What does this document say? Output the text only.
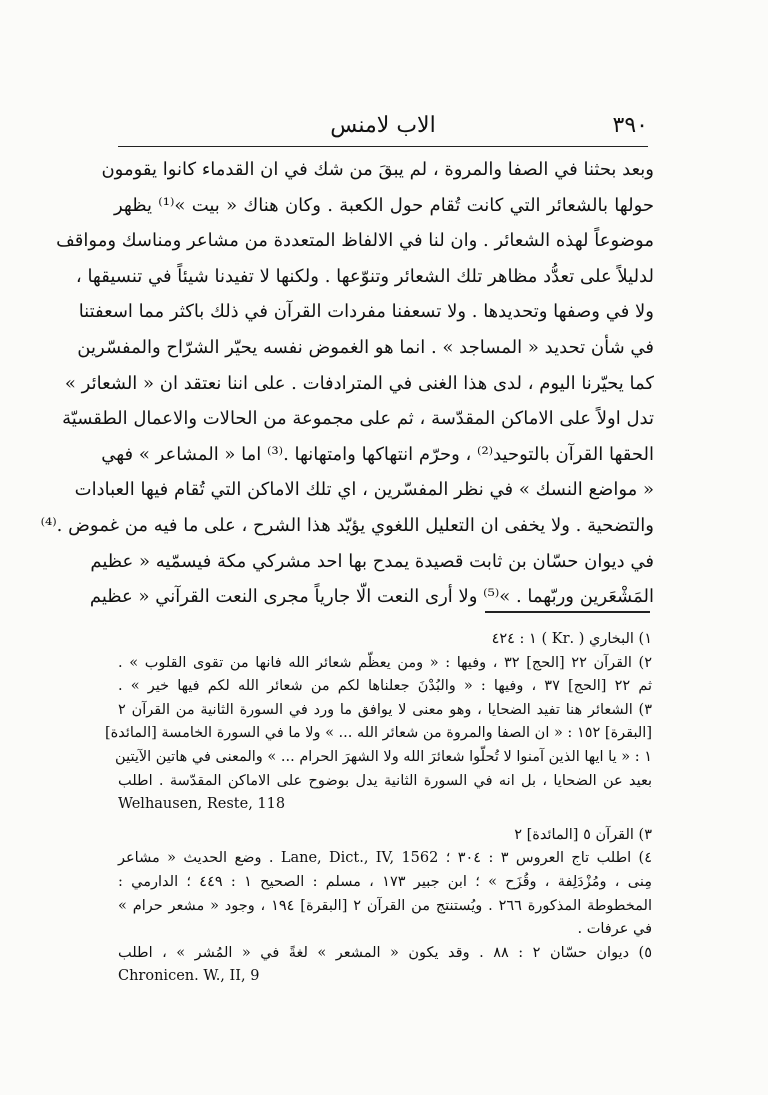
٣٩٠
الاب لامنس
وبعد بحثنا في الصفا والمروة ، لم يبقَ من شك في ان القدماء كانوا يقومون
حولها بالشعائر التي كانت تُقام حول الكعبة . وكان هناك « بيت »⁽¹⁾ يظهر
موضوعاً لهذه الشعائر . وان لنا في الالفاظ المتعددة من مشاعر ومناسك ومواقف
لدليلاً على تعدُّد مظاهر تلك الشعائر وتنوّعها . ولكنها لا تفيدنا شيئاً في تنسيقها ،
ولا في وصفها وتحديدها . ولا تسعفنا مفردات القرآن في ذلك باكثر مما اسعفتنا
في شأن تحديد « المساجد » . انما هو الغموض نفسه يحيّر الشرّاح والمفسّرين
كما يحيّرنا اليوم ، لدى هذا الغنى في المترادفات . على اننا نعتقد ان « الشعائر »
تدل اولاً على الاماكن المقدّسة ، ثم على مجموعة من الحالات والاعمال الطقسيّة
الحقها القرآن بالتوحيد⁽²⁾ ، وحرّم انتهاكها وامتهانها .⁽³⁾ اما « المشاعر » فهي
« مواضع النسك » في نظر المفسّرين ، اي تلك الاماكن التي تُقام فيها العبادات
والتضحية . ولا يخفى ان التعليل اللغوي يؤيّد هذا الشرح ، على ما فيه من غموض .⁽⁴⁾
في ديوان حسّان بن ثابت قصيدة يمدح بها احد مشركي مكة فيسمّيه « عظيم
المَشْعَرين وربّهما . »⁽⁵⁾ ولا أرى النعت الّا جارياً مجرى النعت القرآني « عظيم
١) البخاري ( .Kr ) ١ : ٤٢٤
٢) القرآن ٢٢ [الحج] ٣٢ ، وفيها : « ومن يعظّم شعائر الله فانها من تقوى القلوب » .
ثم ٢٢ [الحج] ٣٧ ، وفيها : « والبُدْنَ جعلناها لكم من شعائر الله لكم فيها خير » .
٣) الشعائر هنا تفيد الضحايا ، وهو معنى لا يوافق ما ورد في السورة الثانية من القرآن ٢
[البقرة] ١٥٢ : « ان الصفا والمروة من شعائر الله ... » ولا ما في السورة الخامسة [المائدة]
١ : « يا ايها الذين آمنوا لا تُحلّوا شعائرَ الله ولا الشهرَ الحرام ... » والمعنى في هاتين الآيتين
بعيد عن الضحايا ، بل انه في السورة الثانية يدل بوضوح على الاماكن المقدّسة . اطلب
Welhausen, Reste, 118
٣) القرآن ٥ [المائدة] ٢
٤) اطلب تاج العروس ٣ : ٣٠٤ ؛ Lane, Dict., IV, 1562 . وضع الحديث « مشاعر
مِنى ، ومُزْدَلِفة ، وقُزَح » ؛ ابن جبير ١٧٣ ، مسلم : الصحيح ١ : ٤٤٩ ؛ الدارمي :
المخطوطة المذكورة ٢٦٦ . ويُستنتج من القرآن ٢ [البقرة] ١٩٤ ، وجود « مشعر حرام »
في عرفات .
٥) ديوان حسّان ٢ : ٨٨ . وقد يكون « المشعر » لغةً في « المُشر » ، اطلب
Chronicen. W., II, 9
